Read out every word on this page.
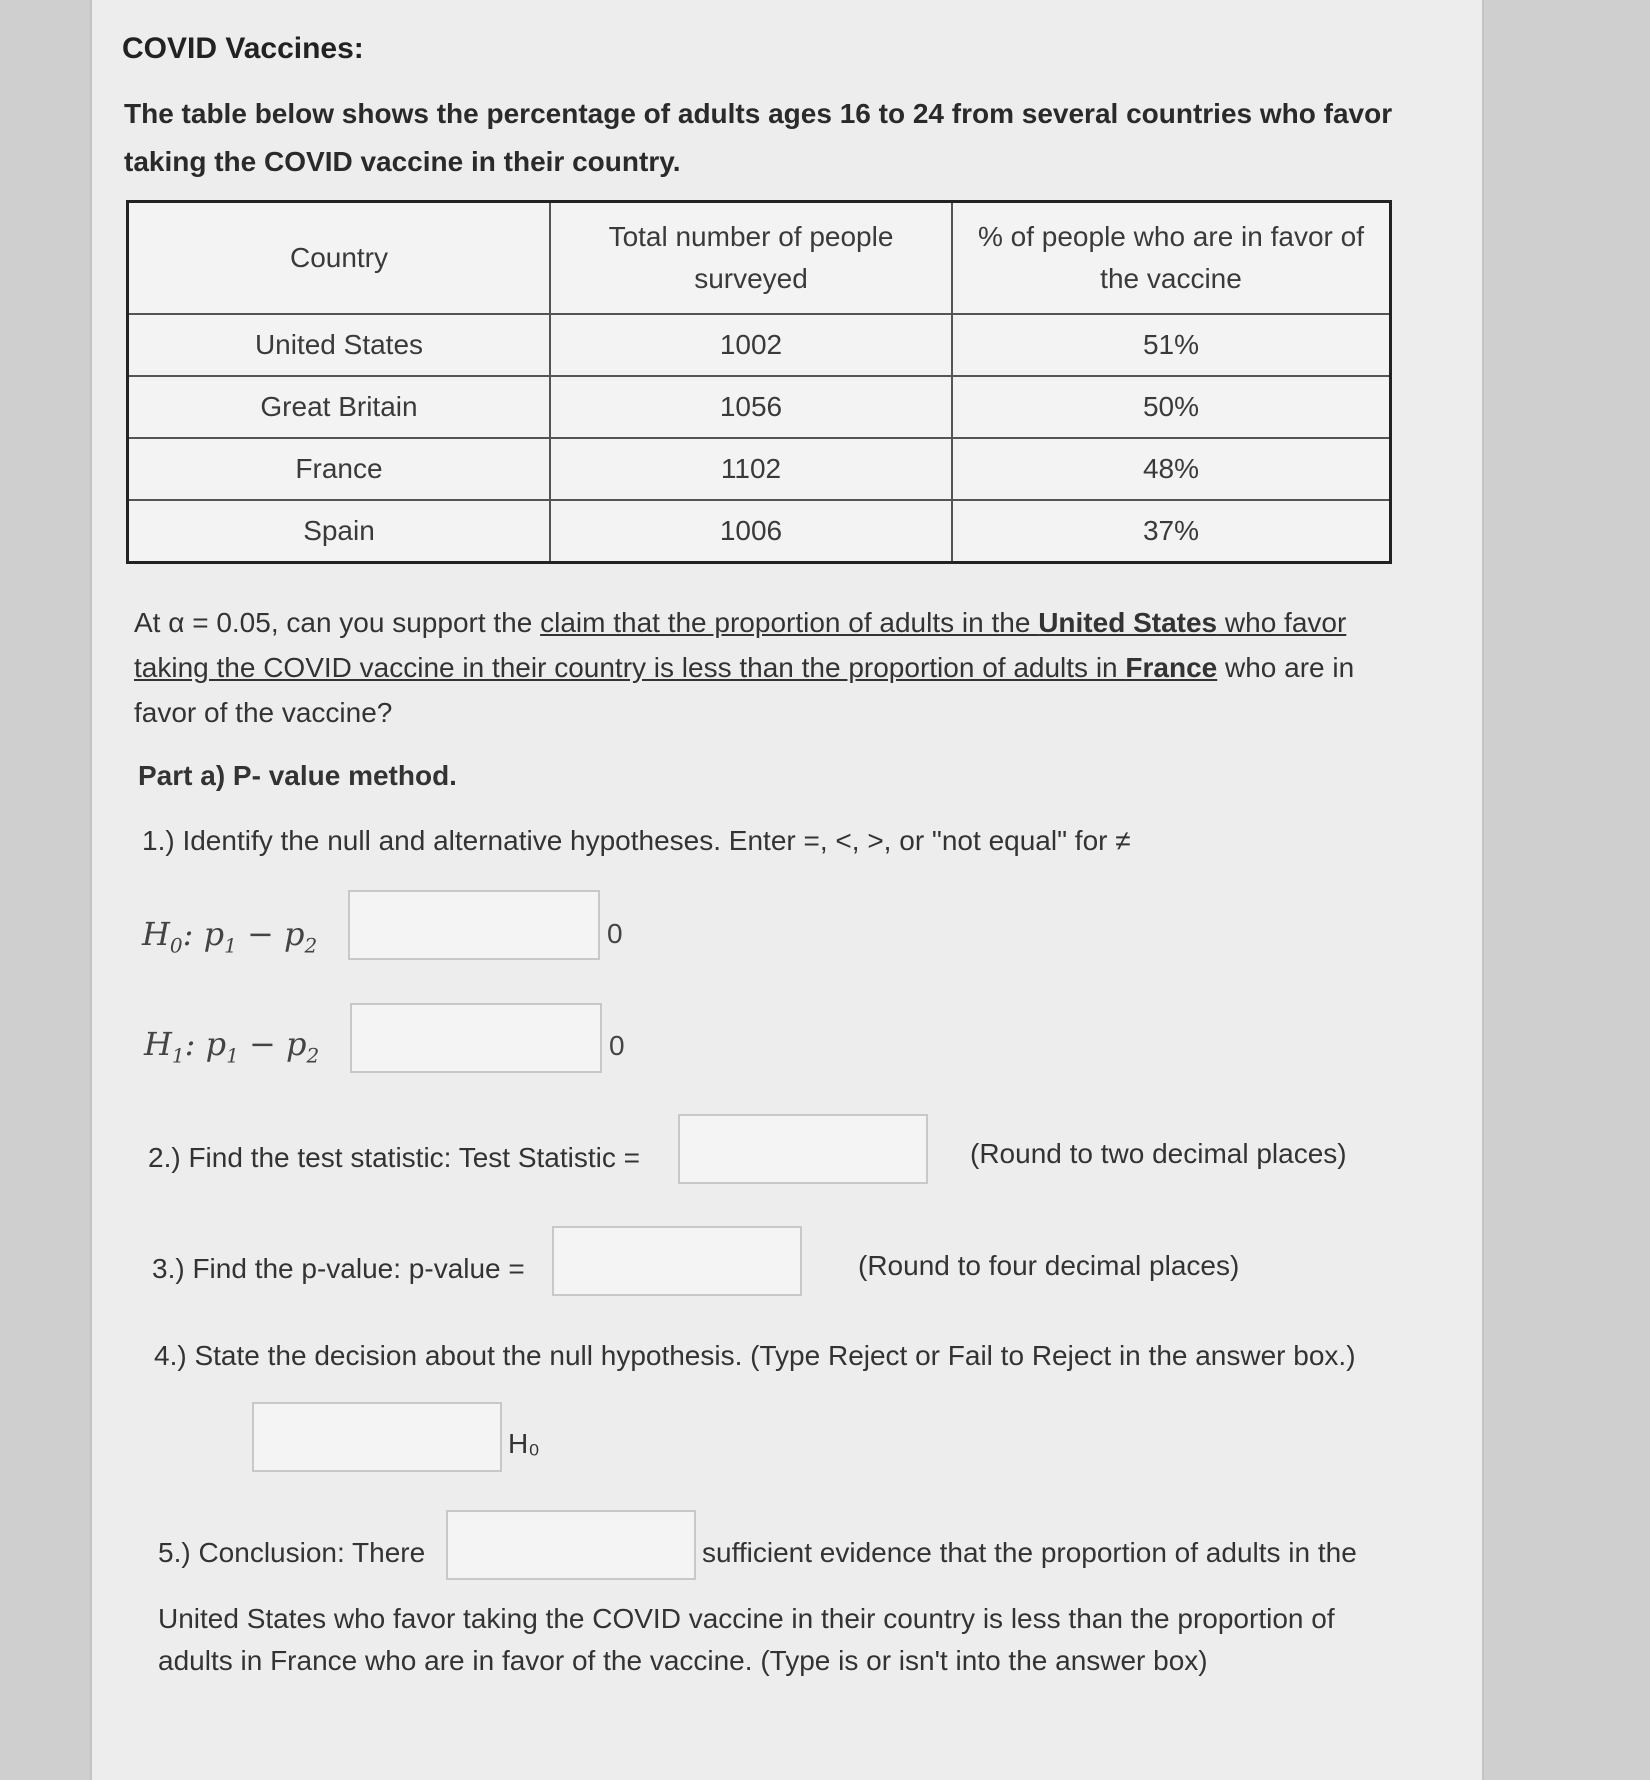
COVID Vaccines:
The table below shows the percentage of adults ages 16 to 24 from several countries who favor taking the COVID vaccine in their country.
Country	Total number of people surveyed	% of people who are in favor of the vaccine
United States	1002	51%
Great Britain	1056	50%
France	1102	48%
Spain	1006	37%
At α = 0.05, can you support the claim that the proportion of adults in the United States who favor taking the COVID vaccine in their country is less than the proportion of adults in France who are in favor of the vaccine?
Part a) P- value method.
1.) Identify the null and alternative hypotheses. Enter =, <, >, or "not equal" for ≠
$H_0$: $p_1 - p_2$	0
$H_1$: $p_1 - p_2$	0
2.) Find the test statistic: Test Statistic =	(Round to two decimal places)
3.) Find the p-value: p-value =	(Round to four decimal places)
4.) State the decision about the null hypothesis. (Type Reject or Fail to Reject in the answer box.)
H₀
5.) Conclusion: There	sufficient evidence that the proportion of adults in the
United States who favor taking the COVID vaccine in their country is less than the proportion of adults in France who are in favor of the vaccine. (Type is or isn't into the answer box)
